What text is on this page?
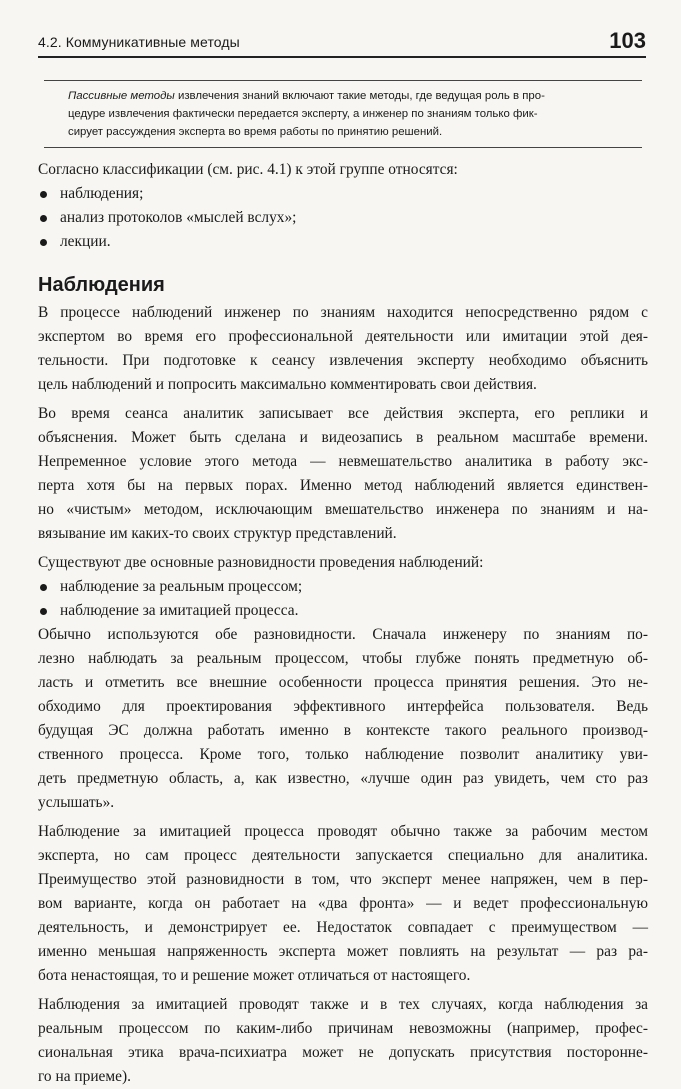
4.2. Коммуникативные методы	103
Пассивные методы извлечения знаний включают такие методы, где ведущая роль в про-
цедуре извлечения фактически передается эксперту, а инженер по знаниям только фик-
сирует рассуждения эксперта во время работы по принятию решений.

Согласно классификации (см. рис. 4.1) к этой группе относятся:

наблюдения;
анализ протоколов «мыслей вслух»;
лекции.
Наблюдения

В процессе наблюдений инженер по знаниям находится непосредственно рядом с
экспертом во время его профессиональной деятельности или имитации этой дея-
тельности. При подготовке к сеансу извлечения эксперту необходимо объяснить
цель наблюдений и попросить максимально комментировать свои действия.

Во время сеанса аналитик записывает все действия эксперта, его реплики и
объяснения. Может быть сделана и видеозапись в реальном масштабе времени.
Непременное условие этого метода — невмешательство аналитика в работу экс-
перта хотя бы на первых порах. Именно метод наблюдений является единствен-
но «чистым» методом, исключающим вмешательство инженера по знаниям и на-
вязывание им каких-то своих структур представлений.

Существуют две основные разновидности проведения наблюдений:

наблюдение за реальным процессом;
наблюдение за имитацией процесса.

Обычно используются обе разновидности. Сначала инженеру по знаниям по-
лезно наблюдать за реальным процессом, чтобы глубже понять предметную об-
ласть и отметить все внешние особенности процесса принятия решения. Это не-
обходимо для проектирования эффективного интерфейса пользователя. Ведь
будущая ЭС должна работать именно в контексте такого реального производ-
ственного процесса. Кроме того, только наблюдение позволит аналитику уви-
деть предметную область, а, как известно, «лучше один раз увидеть, чем сто раз
услышать».

Наблюдение за имитацией процесса проводят обычно также за рабочим местом
эксперта, но сам процесс деятельности запускается специально для аналитика.
Преимущество этой разновидности в том, что эксперт менее напряжен, чем в пер-
вом варианте, когда он работает на «два фронта» — и ведет профессиональную
деятельность, и демонстрирует ее. Недостаток совпадает с преимуществом —
именно меньшая напряженность эксперта может повлиять на результат — раз ра-
бота ненастоящая, то и решение может отличаться от настоящего.

Наблюдения за имитацией проводят также и в тех случаях, когда наблюдения за
реальным процессом по каким-либо причинам невозможны (например, профес-
сиональная этика врача-психиатра может не допускать присутствия постороннe-
го на приеме).
